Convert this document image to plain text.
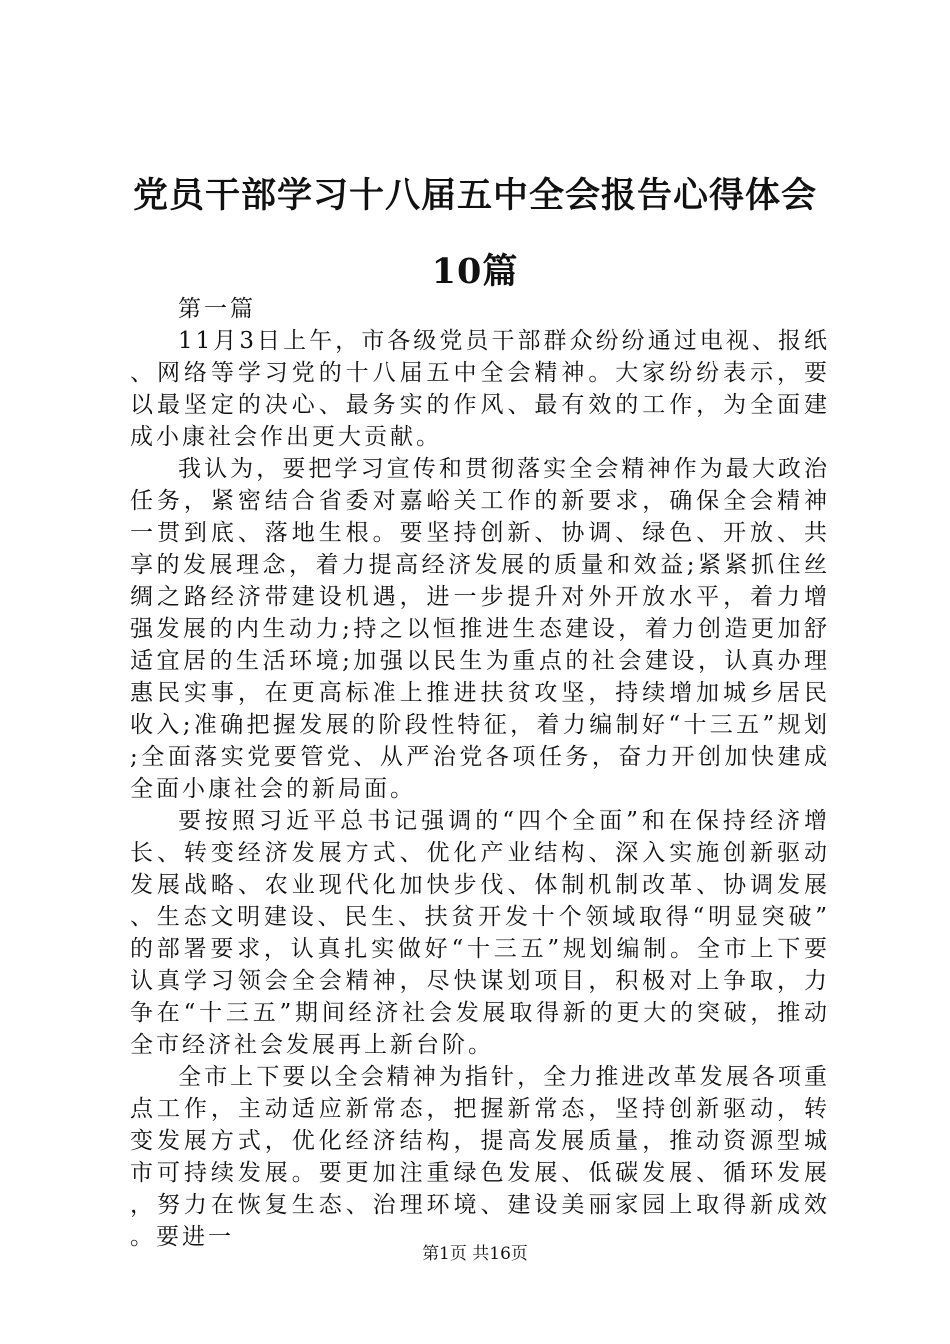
党员干部学习十八届五中全会报告心得体会
10篇

第一篇

11月3日上午，市各级党员干部群众纷纷通过电视、报纸、网络等学习党的十八届五中全会精神。大家纷纷表示，要以最坚定的决心、最务实的作风、最有效的工作，为全面建成小康社会作出更大贡献。

我认为，要把学习宣传和贯彻落实全会精神作为最大政治任务，紧密结合省委对嘉峪关工作的新要求，确保全会精神一贯到底、落地生根。要坚持创新、协调、绿色、开放、共享的发展理念，着力提高经济发展的质量和效益;紧紧抓住丝绸之路经济带建设机遇，进一步提升对外开放水平，着力增强发展的内生动力;持之以恒推进生态建设，着力创造更加舒适宜居的生活环境;加强以民生为重点的社会建设，认真办理惠民实事，在更高标准上推进扶贫攻坚，持续增加城乡居民收入;准确把握发展的阶段性特征，着力编制好“十三五”规划;全面落实党要管党、从严治党各项任务，奋力开创加快建成全面小康社会的新局面。

要按照习近平总书记强调的“四个全面”和在保持经济增长、转变经济发展方式、优化产业结构、深入实施创新驱动发展战略、农业现代化加快步伐、体制机制改革、协调发展、生态文明建设、民生、扶贫开发十个领域取得“明显突破”的部署要求，认真扎实做好“十三五”规划编制。全市上下要认真学习领会全会精神，尽快谋划项目，积极对上争取，力争在“十三五”期间经济社会发展取得新的更大的突破，推动全市经济社会发展再上新台阶。

全市上下要以全会精神为指针，全力推进改革发展各项重点工作，主动适应新常态，把握新常态，坚持创新驱动，转变发展方式，优化经济结构，提高发展质量，推动资源型城市可持续发展。要更加注重绿色发展、低碳发展、循环发展，努力在恢复生态、治理环境、建设美丽家园上取得新成效。要进一

第1页 共16页
